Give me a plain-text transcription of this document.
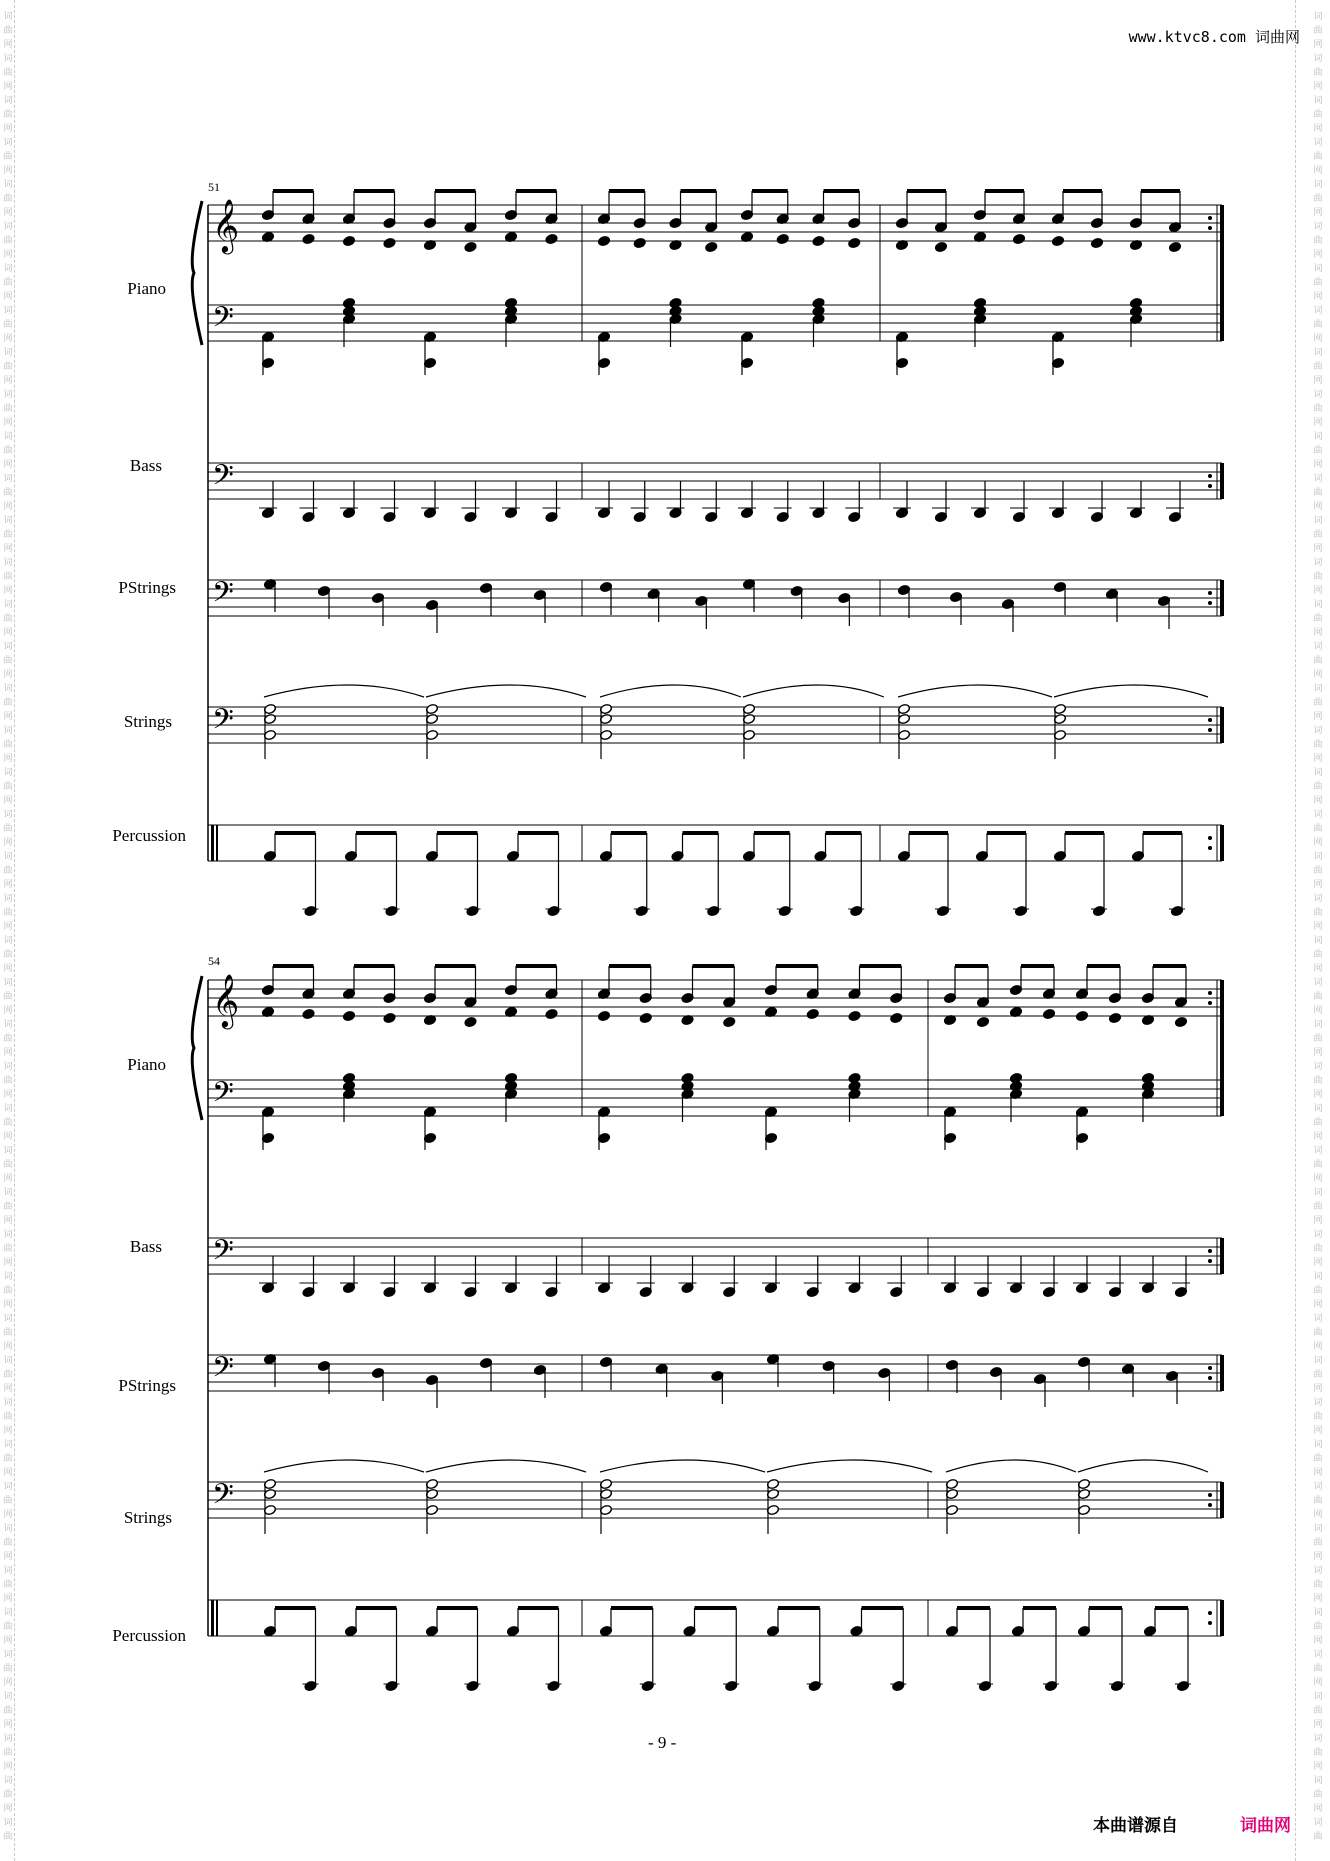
词
曲
网
词
曲
网
词
曲
网
词
曲
网
词
曲
网
词
曲
网
词
曲
网
词
曲
网
词
曲
网
词
曲
网
词
曲
网
词
曲
网
词
曲
网
词
曲
网
词
曲
网
词
曲
网
词
曲
网
词
曲
网
词
曲
网
词
曲
网
词
曲
网
词
曲
网
词
曲
网
词
曲
网
词
曲
网
词
曲
网
词
曲
网
词
曲
网
词
曲
网
词
曲
网
词
曲
网
词
曲
网
词
曲
网
词
曲
网
词
曲
网
词
曲
网
词
曲
网
词
曲
网
词
曲
网
词
曲
网
词
曲
网
词
曲
网
词
曲
网
词
曲
词
曲
网
词
曲
网
词
曲
网
词
曲
网
词
曲
网
词
曲
网
词
曲
网
词
曲
网
词
曲
网
词
曲
网
词
曲
网
词
曲
网
词
曲
网
词
曲
网
词
曲
网
词
曲
网
词
曲
网
词
曲
网
词
曲
网
词
曲
网
词
曲
网
词
曲
网
词
曲
网
词
曲
网
词
曲
网
词
曲
网
词
曲
网
词
曲
网
词
曲
网
词
曲
网
词
曲
网
词
曲
网
词
曲
网
词
曲
网
词
曲
网
词
曲
网
词
曲
网
词
曲
网
词
曲
网
词
曲
网
词
曲
网
词
曲
网
词
曲
网
词
曲
www.ktvc8.com 词曲网
51
Piano
Bass
PStrings
Strings
Percussion
54
Piano
Bass
PStrings
Strings
Percussion
𝄞
𝄢
𝄢
𝄢
𝄢
𝄞
𝄢
𝄢
𝄢
𝄢
- 9 -
本曲谱源自	词曲网
